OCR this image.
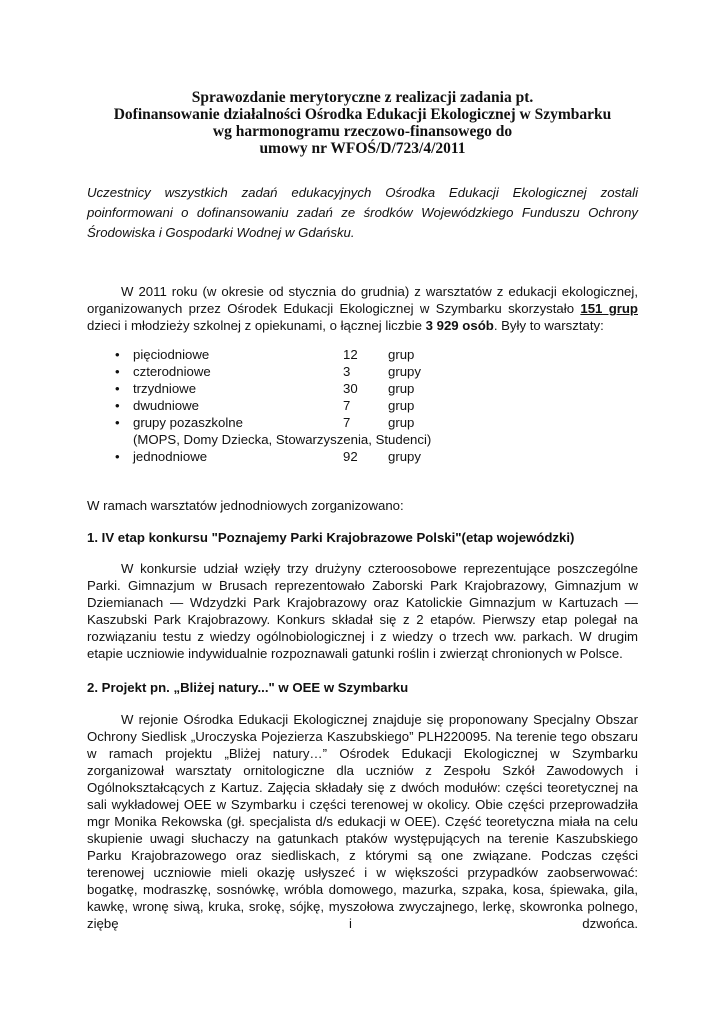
Sprawozdanie merytoryczne z realizacji zadania pt.
Dofinansowanie działalności Ośrodka Edukacji Ekologicznej w Szymbarku
wg harmonogramu rzeczowo-finansowego do
umowy nr WFOŚ/D/723/4/2011
Uczestnicy wszystkich zadań edukacyjnych Ośrodka Edukacji Ekologicznej zostali poinformowani o dofinansowaniu zadań ze środków Wojewódzkiego Funduszu Ochrony Środowiska i Gospodarki Wodnej w Gdańsku.
W 2011 roku (w okresie od stycznia do grudnia) z warsztatów z edukacji ekologicznej, organizowanych przez Ośrodek Edukacji Ekologicznej w Szymbarku skorzystało 151 grup dzieci i młodzieży szkolnej z opiekunami, o łącznej liczbie 3 929 osób. Były to warsztaty:
• pięciodniowe	12 grup
• czterodniowe	3	grupy
• trzydniowe	30 grup
• dwudniowe	7	grup
• grupy pozaszkolne	7	grup
(MOPS, Domy Dziecka, Stowarzyszenia, Studenci)
• jednodniowe	92 grupy
W ramach warsztatów jednodniowych zorganizowano:
1. IV etap konkursu "Poznajemy Parki Krajobrazowe Polski"(etap wojewódzki)
W konkursie udział wzięły trzy drużyny czteroosobowe reprezentujące poszczególne Parki. Gimnazjum w Brusach reprezentowało Zaborski Park Krajobrazowy, Gimnazjum w Dziemianach — Wdzydzki Park Krajobrazowy oraz Katolickie Gimnazjum w Kartuzach — Kaszubski Park Krajobrazowy. Konkurs składał się z 2 etapów. Pierwszy etap polegał na rozwiązaniu testu z wiedzy ogólnobiologicznej i z wiedzy o trzech ww. parkach. W drugim etapie uczniowie indywidualnie rozpoznawali gatunki roślin i zwierząt chronionych w Polsce.
2. Projekt pn. „Bliżej natury..." w OEE w Szymbarku
W rejonie Ośrodka Edukacji Ekologicznej znajduje się proponowany Specjalny Obszar Ochrony Siedlisk „Uroczyska Pojezierza Kaszubskiego” PLH220095. Na terenie tego obszaru w ramach projektu „Bliżej natury…” Ośrodek Edukacji Ekologicznej w Szymbarku zorganizował warsztaty ornitologiczne dla uczniów z Zespołu Szkół Zawodowych i Ogólnokształcących z Kartuz. Zajęcia składały się z dwóch modułów: części teoretycznej na sali wykładowej OEE w Szymbarku i części terenowej w okolicy. Obie części przeprowadziła mgr Monika Rekowska (gł. specjalista d/s edukacji w OEE). Część teoretyczna miała na celu skupienie uwagi słuchaczy na gatunkach ptaków występujących na terenie Kaszubskiego Parku Krajobrazowego oraz siedliskach, z którymi są one związane. Podczas części terenowej uczniowie mieli okazję usłyszeć i w większości przypadków zaobserwować: bogatkę, modraszkę, sosnówkę, wróbla domowego, mazurka, szpaka, kosa, śpiewaka, gila, kawkę, wronę siwą, kruka, srokę, sójkę, myszołowa zwyczajnego, lerkę, skowronka polnego, ziębę i dzwońca.
